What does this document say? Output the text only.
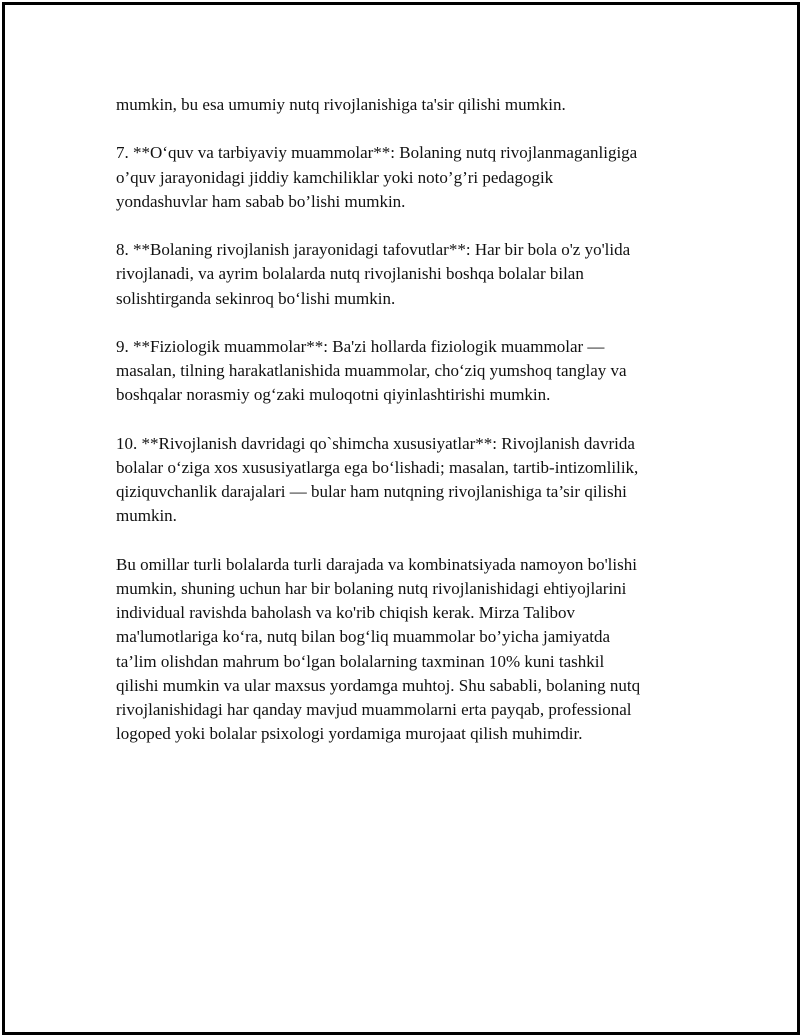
mumkin, bu esa umumiy nutq rivojlanishiga ta'sir qilishi mumkin.

7. **O‘quv va tarbiyaviy muammolar**: Bolaning nutq rivojlanmaganligiga
o’quv jarayonidagi jiddiy kamchiliklar yoki noto’g’ri pedagogik
yondashuvlar ham sabab bo’lishi mumkin.

8. **Bolaning rivojlanish jarayonidagi tafovutlar**: Har bir bola o'z yo'lida
rivojlanadi, va ayrim bolalarda nutq rivojlanishi boshqa bolalar bilan
solishtirganda sekinroq bo‘lishi mumkin.

9. **Fiziologik muammolar**: Ba'zi hollarda fiziologik muammolar —
masalan, tilning harakatlanishida muammolar, cho‘ziq yumshoq tanglay va
boshqalar norasmiy og‘zaki muloqotni qiyinlashtirishi mumkin.

10. **Rivojlanish davridagi qo`shimcha xususiyatlar**: Rivojlanish davrida
bolalar o‘ziga xos xususiyatlarga ega bo‘lishadi; masalan, tartib-intizomlilik,
qiziquvchanlik darajalari — bular ham nutqning rivojlanishiga ta’sir qilishi
mumkin.

Bu omillar turli bolalarda turli darajada va kombinatsiyada namoyon bo'lishi
mumkin, shuning uchun har bir bolaning nutq rivojlanishidagi ehtiyojlarini
individual ravishda baholash va ko'rib chiqish kerak. Mirza Talibov
ma'lumotlariga ko‘ra, nutq bilan bog‘liq muammolar bo’yicha jamiyatda
ta’lim olishdan mahrum bo‘lgan bolalarning taxminan 10% kuni tashkil
qilishi mumkin va ular maxsus yordamga muhtoj. Shu sababli, bolaning nutq
rivojlanishidagi har qanday mavjud muammolarni erta payqab, professional
logoped yoki bolalar psixologi yordamiga murojaat qilish muhimdir.
